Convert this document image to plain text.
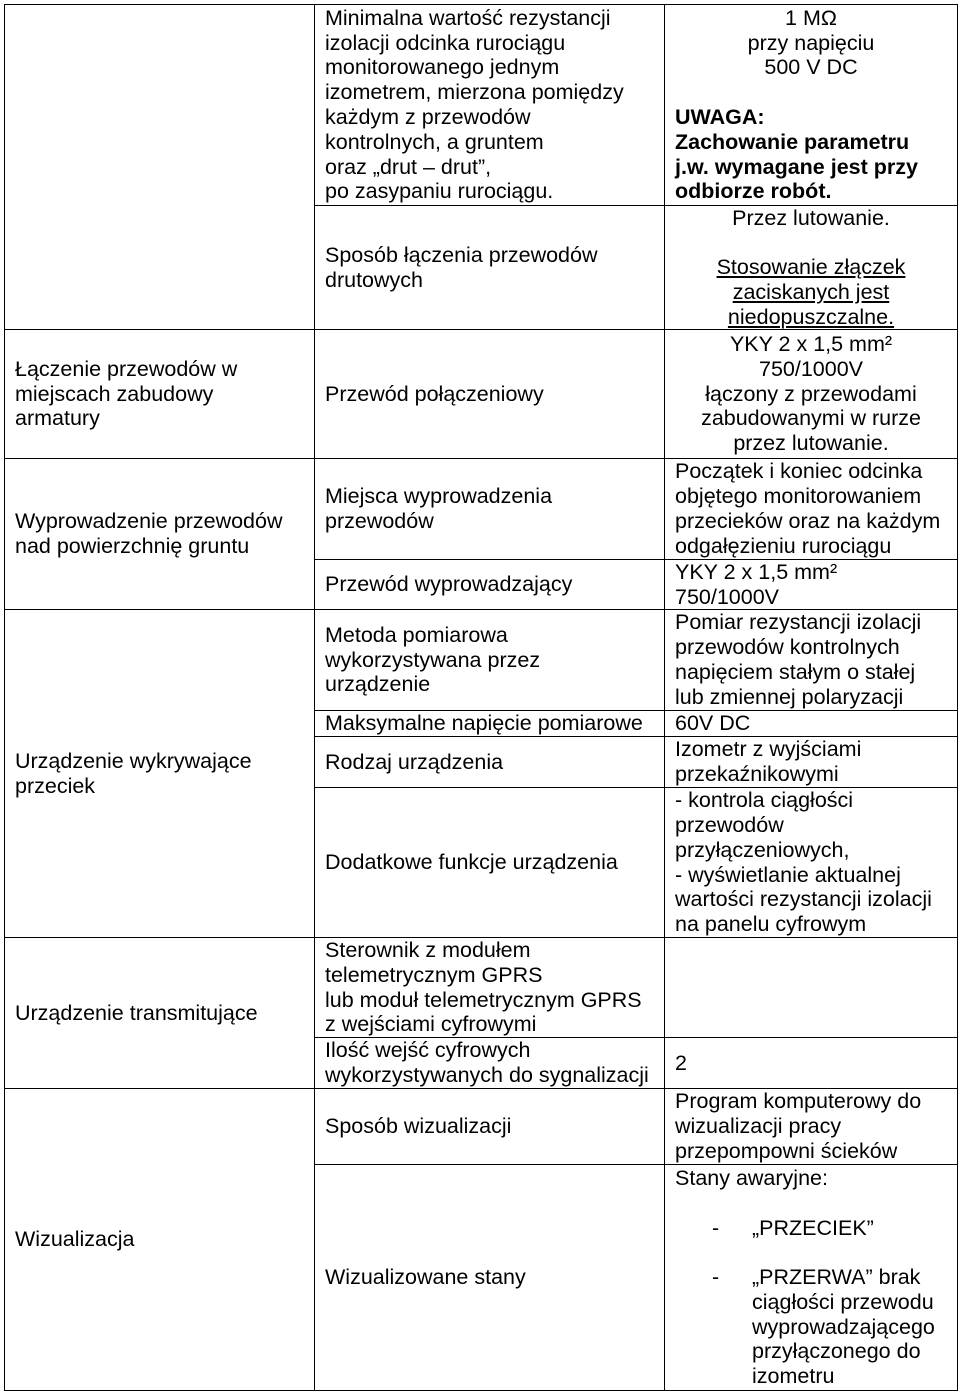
Łączenie przewodów w
miejscach zabudowy
armatury
Wyprowadzenie przewodów
nad powierzchnię gruntu
Urządzenie wykrywające
przeciek
Urządzenie transmitujące
Wizualizacja
Minimalna wartość rezystancji
izolacji odcinka rurociągu
monitorowanego jednym
izometrem, mierzona pomiędzy
każdym z przewodów
kontrolnych, a gruntem
oraz „drut – drut”,
po zasypaniu rurociągu.
Sposób łączenia przewodów
drutowych
Przewód połączeniowy
Miejsca wyprowadzenia
przewodów
Przewód wyprowadzający
Metoda pomiarowa
wykorzystywana przez
urządzenie
Maksymalne napięcie pomiarowe
Rodzaj urządzenia
Dodatkowe funkcje urządzenia
Sterownik z modułem
telemetrycznym GPRS
lub moduł telemetrycznym GPRS
z wejściami cyfrowymi
Ilość wejść cyfrowych
wykorzystywanych do sygnalizacji
Sposób wizualizacji
Wizualizowane stany
1 MΩ
przy napięciu
500 V DC
UWAGA:
Zachowanie parametru
j.w. wymagane jest przy
odbiorze robót.
Przez lutowanie.
Stosowanie złączek
zaciskanych jest
niedopuszczalne.
YKY 2 x 1,5 mm²
750/1000V
łączony z przewodami
zabudowanymi w rurze
przez lutowanie.
Początek i koniec odcinka
objętego monitorowaniem
przecieków oraz na każdym
odgałęzieniu rurociągu
YKY 2 x 1,5 mm²
750/1000V
Pomiar rezystancji izolacji
przewodów kontrolnych
napięciem stałym o stałej
lub zmiennej polaryzacji
60V DC
Izometr z wyjściami
przekaźnikowymi
- kontrola ciągłości
przewodów
przyłączeniowych,
- wyświetlanie aktualnej
wartości rezystancji izolacji
na panelu cyfrowym
2
Program komputerowy do
wizualizacji pracy
przepompowni ścieków
Stany awaryjne:
-	„PRZECIEK”
-	„PRZERWA” brak
ciągłości przewodu
wyprowadzającego
przyłączonego do
izometru
